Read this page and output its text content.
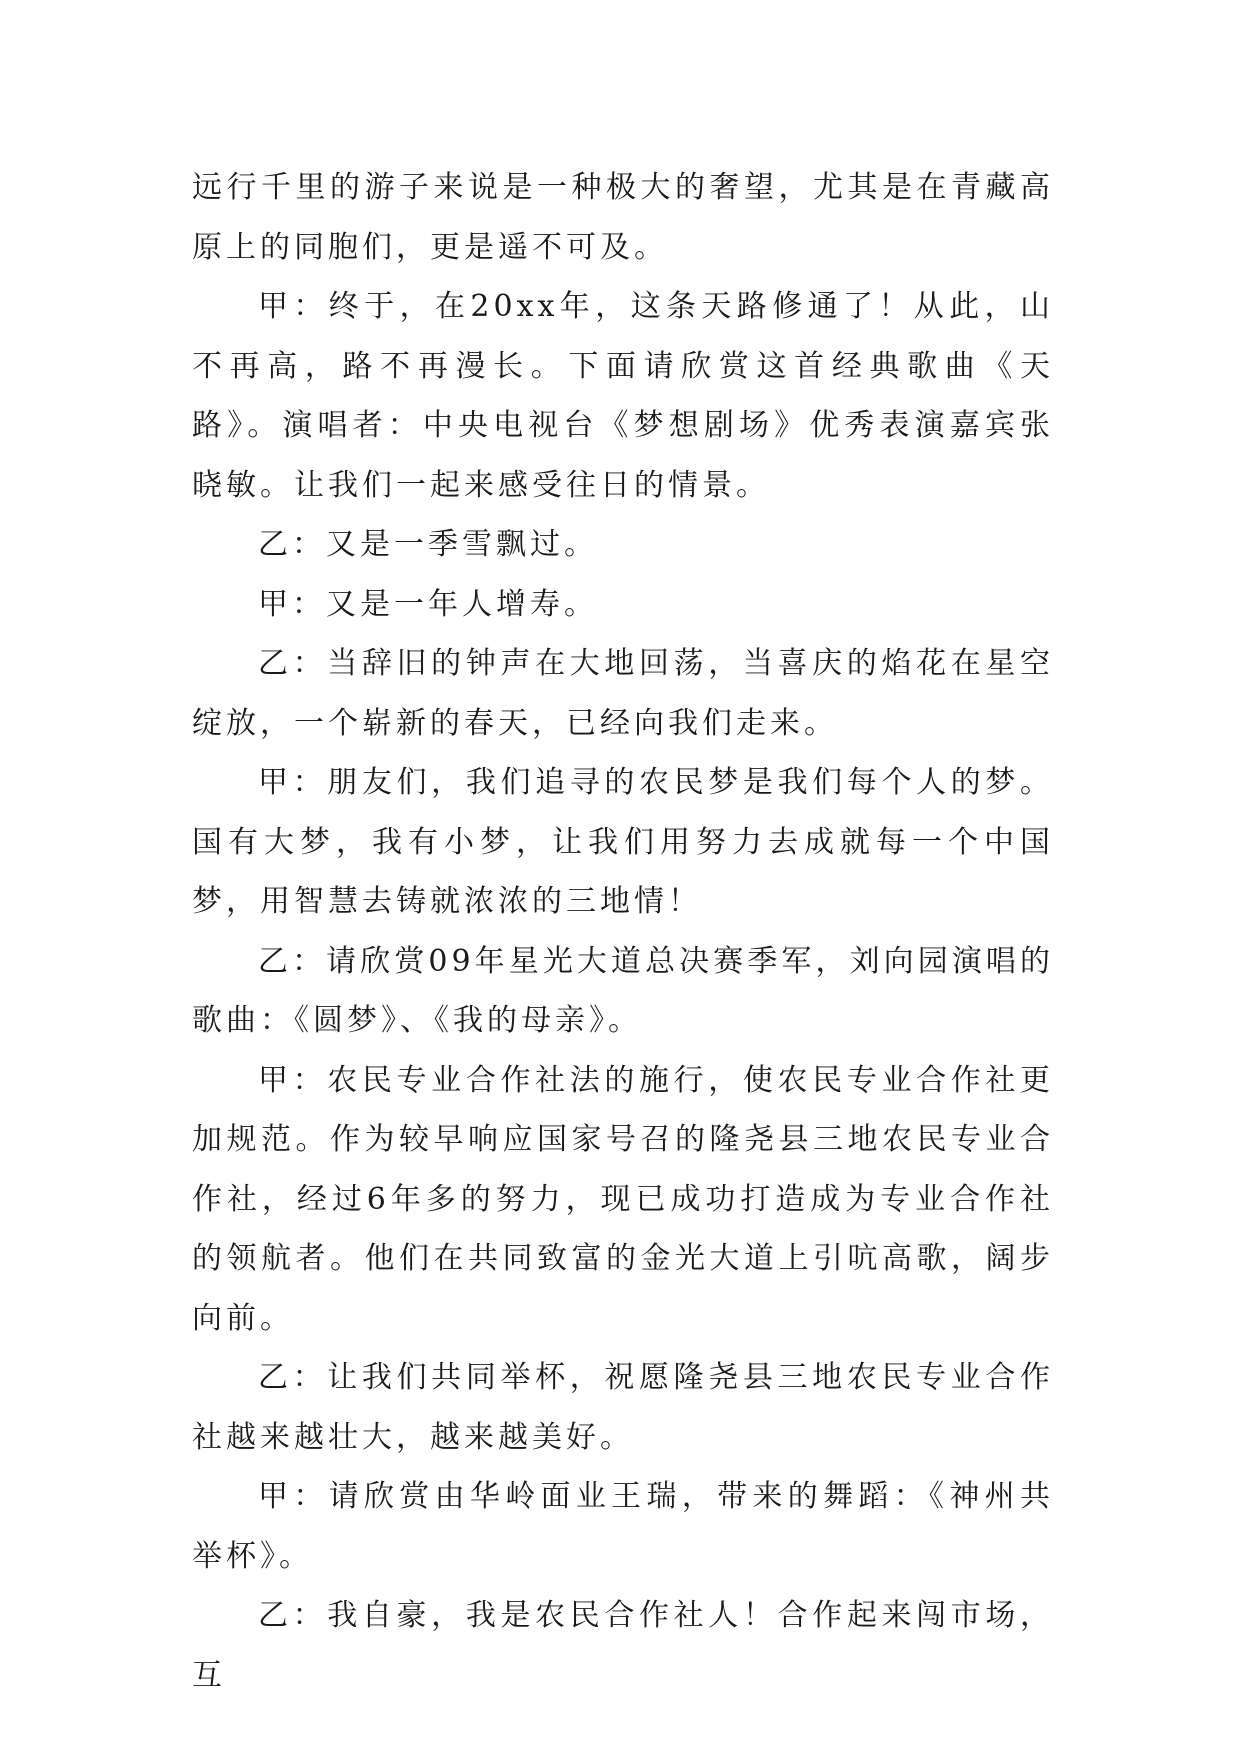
远行千里的游子来说是一种极大的奢望，尤其是在青藏高原上的同胞们，更是遥不可及。

甲：终于，在20xx年，这条天路修通了！从此，山不再高，路不再漫长。下面请欣赏这首经典歌曲《天路》。演唱者：中央电视台《梦想剧场》优秀表演嘉宾张晓敏。让我们一起来感受往日的情景。

乙：又是一季雪飘过。

甲：又是一年人增寿。

乙：当辞旧的钟声在大地回荡，当喜庆的焰花在星空绽放，一个崭新的春天，已经向我们走来。

甲：朋友们，我们追寻的农民梦是我们每个人的梦。国有大梦，我有小梦，让我们用努力去成就每一个中国梦，用智慧去铸就浓浓的三地情！

乙：请欣赏09年星光大道总决赛季军，刘向园演唱的歌曲：《圆梦》、《我的母亲》。

甲：农民专业合作社法的施行，使农民专业合作社更加规范。作为较早响应国家号召的隆尧县三地农民专业合作社，经过6年多的努力，现已成功打造成为专业合作社的领航者。他们在共同致富的金光大道上引吭高歌，阔步向前。

乙：让我们共同举杯，祝愿隆尧县三地农民专业合作社越来越壮大，越来越美好。

甲：请欣赏由华岭面业王瑞，带来的舞蹈：《神州共举杯》。

乙：我自豪，我是农民合作社人！合作起来闯市场，互
